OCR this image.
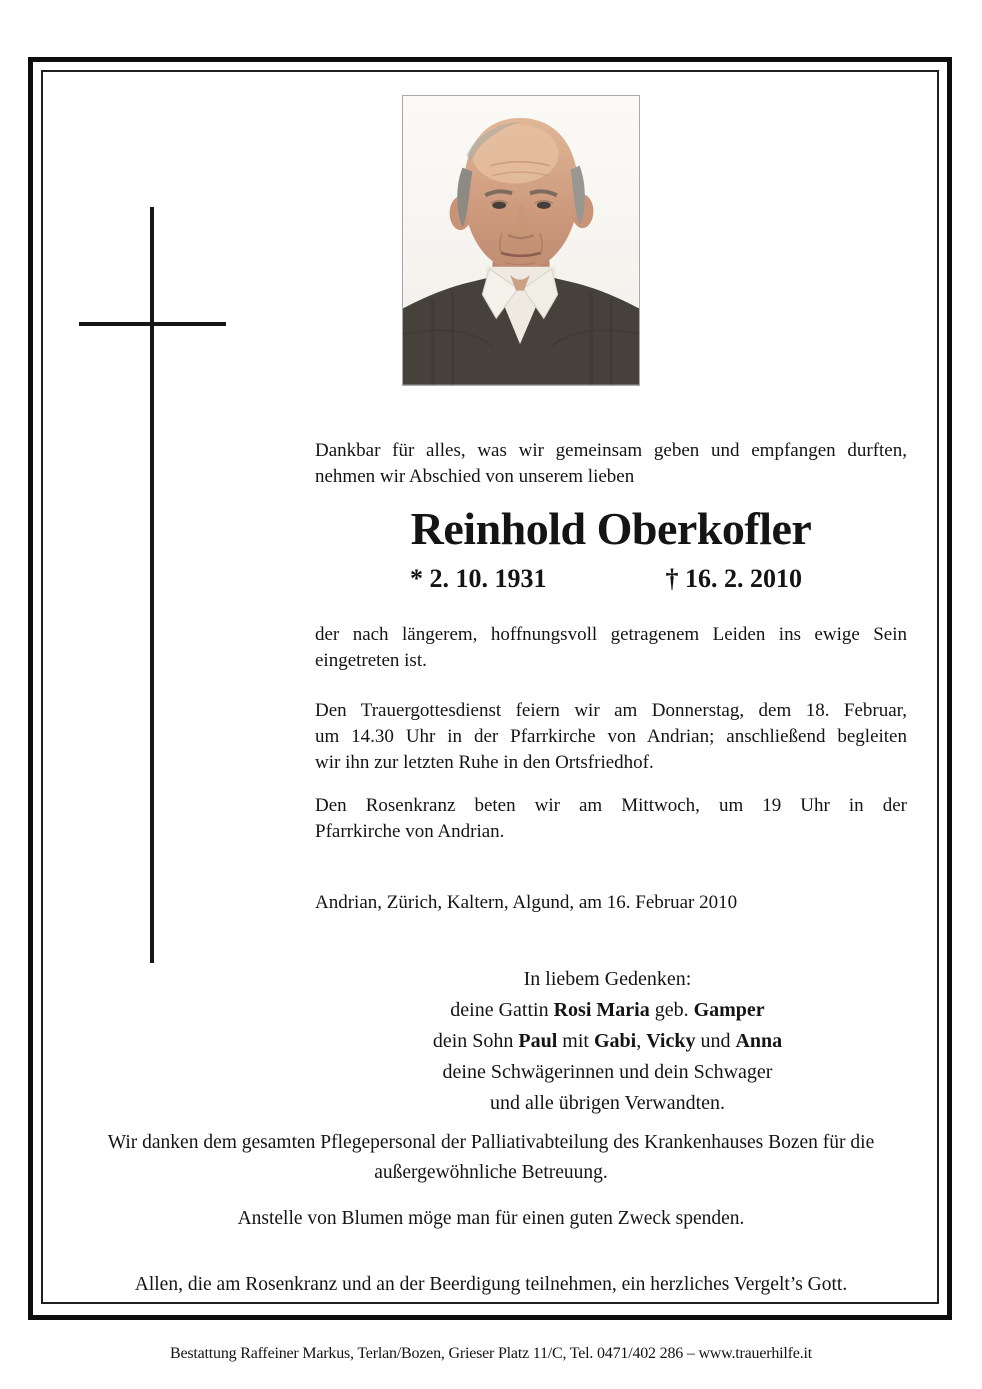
Dankbar für alles, was wir gemeinsam geben und empfangen durften,
nehmen wir Abschied von unserem lieben
Reinhold Oberkofler
* 2. 10. 1931	† 16. 2. 2010
der nach längerem, hoffnungsvoll getragenem Leiden ins ewige Sein
eingetreten ist.
Den Trauergottesdienst feiern wir am Donnerstag, dem 18. Februar,
um 14.30 Uhr in der Pfarrkirche von Andrian; anschließend begleiten
wir ihn zur letzten Ruhe in den Ortsfriedhof.
Den Rosenkranz beten wir am Mittwoch, um 19 Uhr in der
Pfarrkirche von Andrian.
Andrian, Zürich, Kaltern, Algund, am 16. Februar 2010
In liebem Gedenken:
deine Gattin Rosi Maria geb. Gamper
dein Sohn Paul mit Gabi, Vicky und Anna
deine Schwägerinnen und dein Schwager
und alle übrigen Verwandten.
Wir danken dem gesamten Pflegepersonal der Palliativabteilung des Krankenhauses Bozen für die
außergewöhnliche Betreuung.
Anstelle von Blumen möge man für einen guten Zweck spenden.
Allen, die am Rosenkranz und an der Beerdigung teilnehmen, ein herzliches Vergelt’s Gott.
Bestattung Raffeiner Markus, Terlan/Bozen, Grieser Platz 11/C, Tel. 0471/402 286 – www.trauerhilfe.it
